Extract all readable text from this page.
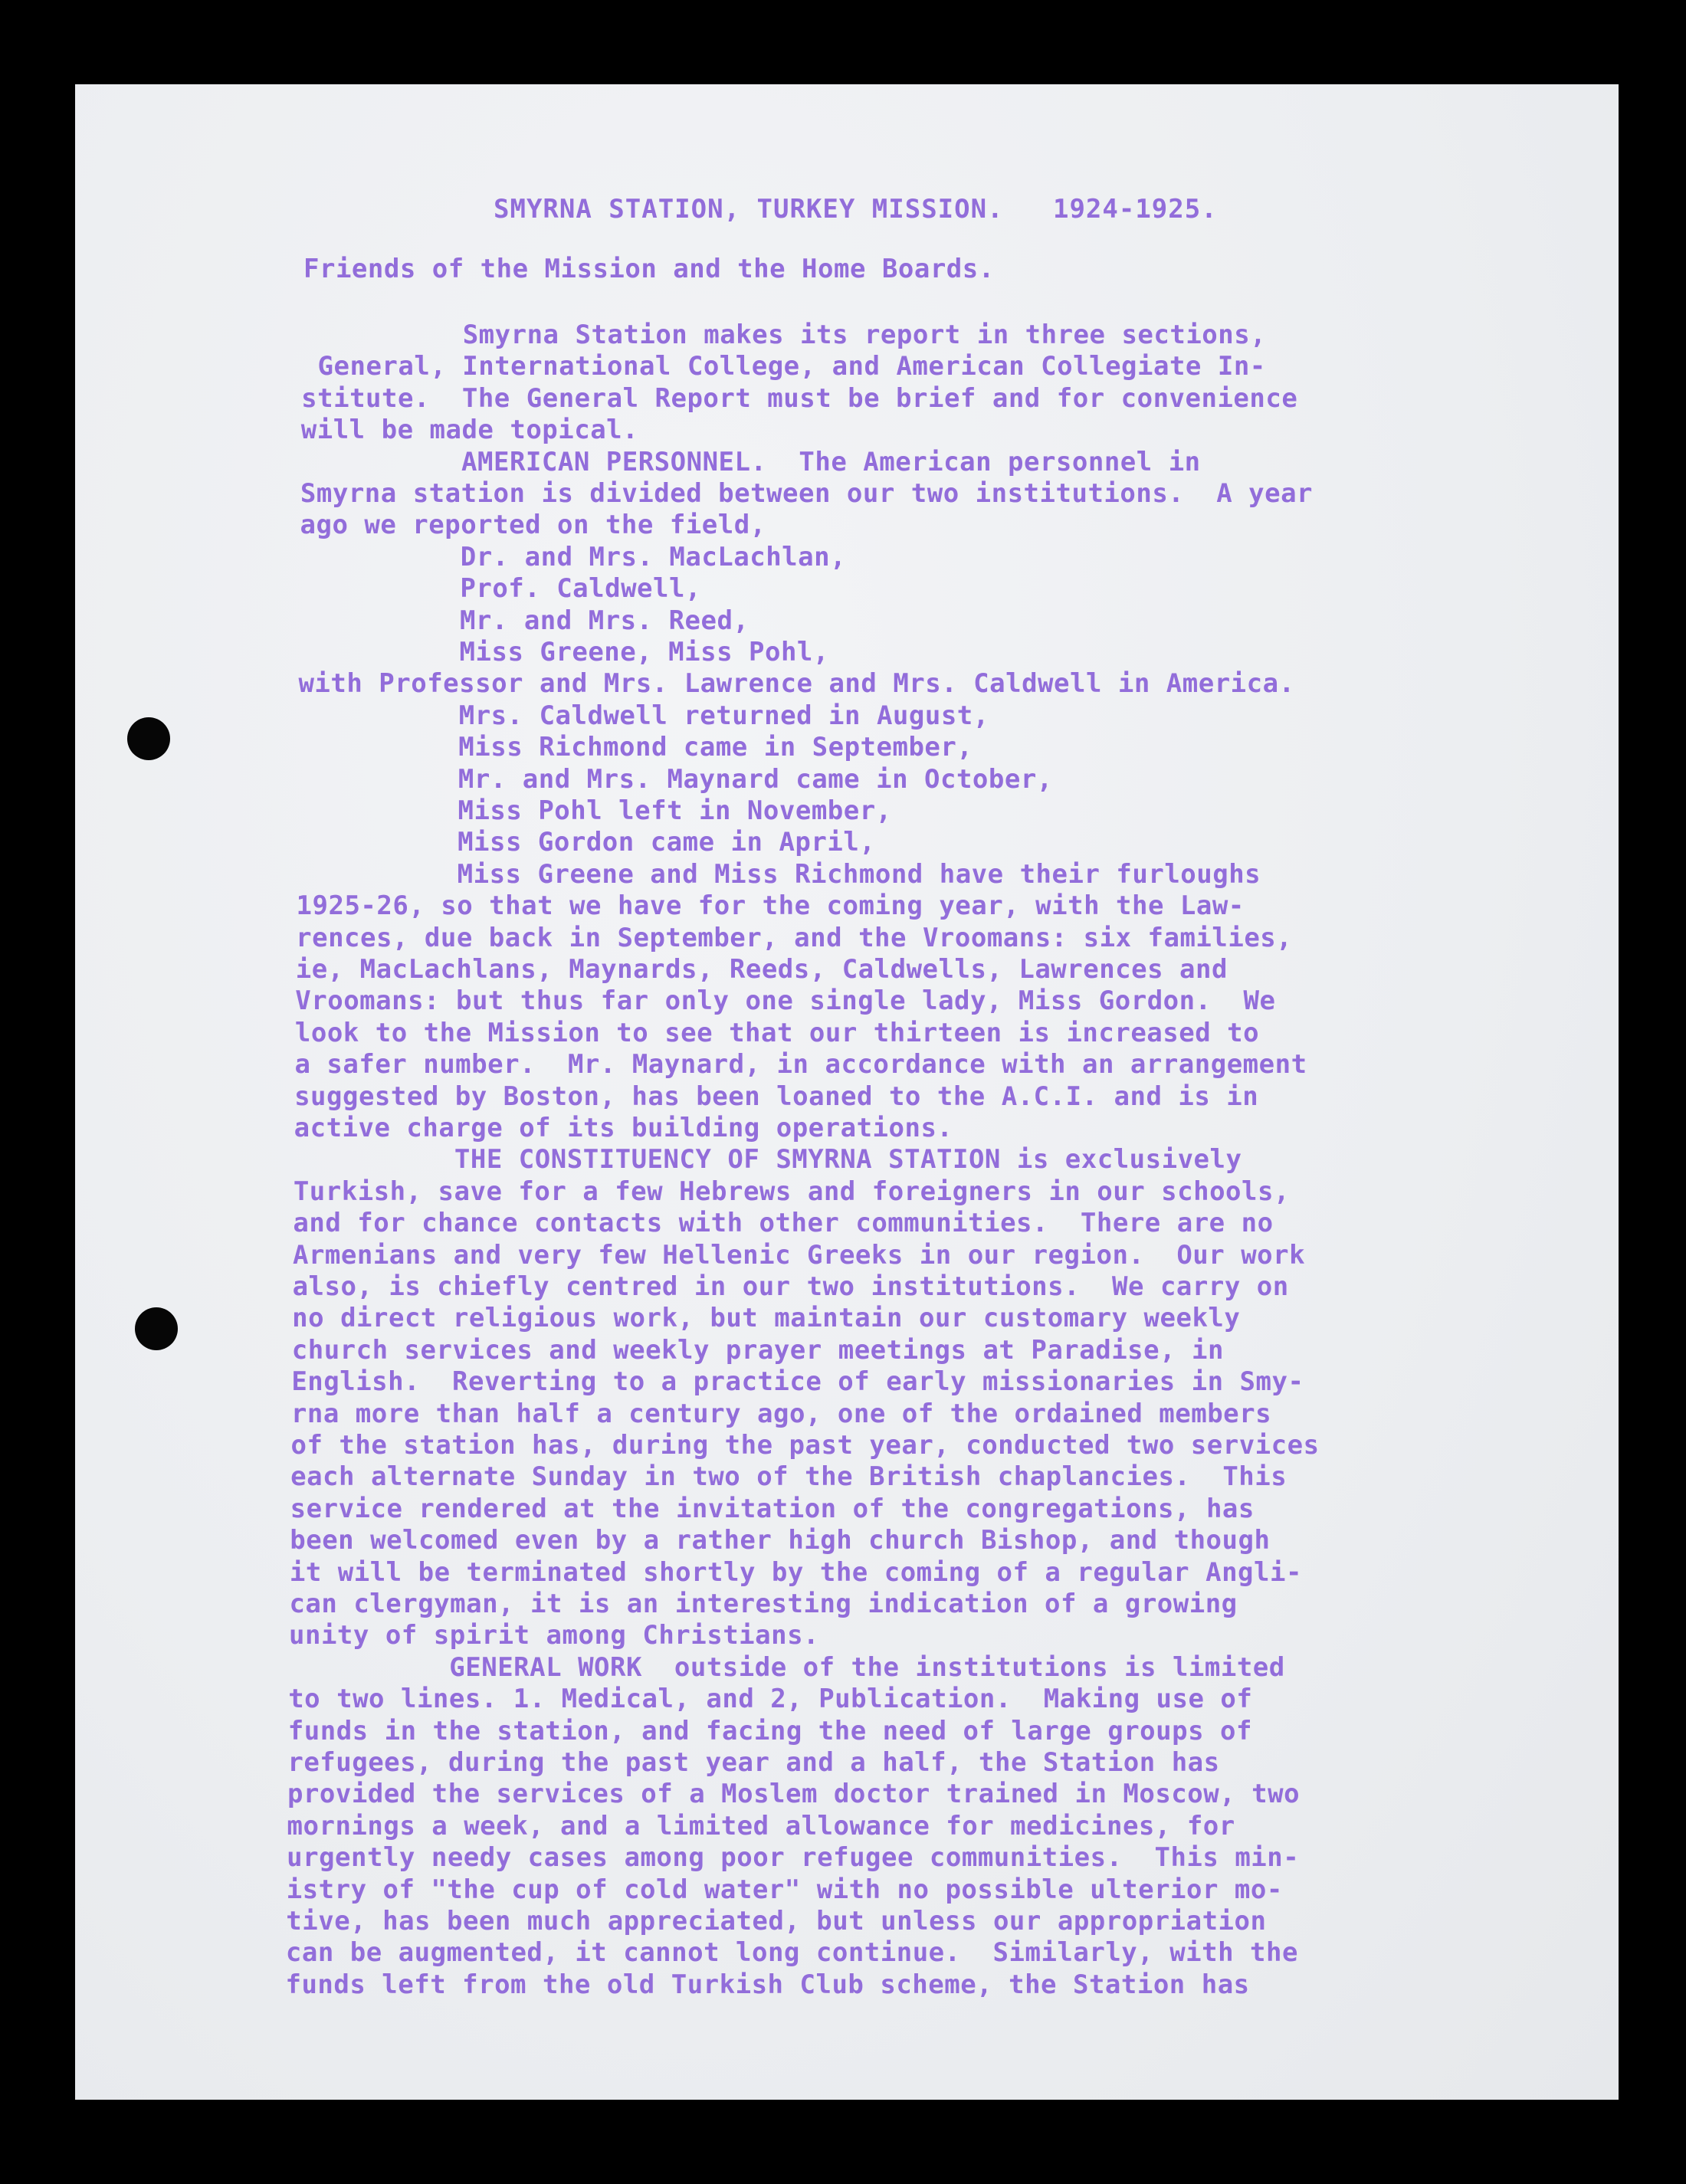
SMYRNA STATION, TURKEY MISSION.   1924-1925.

Friends of the Mission and the Home Boards.

Smyrna Station makes its report in three sections,
General, International College, and American Collegiate In-
stitute.  The General Report must be brief and for convenience
will be made topical.
AMERICAN PERSONNEL.  The American personnel in
Smyrna station is divided between our two institutions.  A year
ago we reported on the field,
Dr. and Mrs. MacLachlan,
Prof. Caldwell,
Mr. and Mrs. Reed,
Miss Greene, Miss Pohl,
with Professor and Mrs. Lawrence and Mrs. Caldwell in America.
Mrs. Caldwell returned in August,
Miss Richmond came in September,
Mr. and Mrs. Maynard came in October,
Miss Pohl left in November,
Miss Gordon came in April,
Miss Greene and Miss Richmond have their furloughs
1925-26, so that we have for the coming year, with the Law-
rences, due back in September, and the Vroomans: six families,
ie, MacLachlans, Maynards, Reeds, Caldwells, Lawrences and
Vroomans: but thus far only one single lady, Miss Gordon.  We
look to the Mission to see that our thirteen is increased to
a safer number.  Mr. Maynard, in accordance with an arrangement
suggested by Boston, has been loaned to the A.C.I. and is in
active charge of its building operations.
THE CONSTITUENCY OF SMYRNA STATION is exclusively
Turkish, save for a few Hebrews and foreigners in our schools,
and for chance contacts with other communities.  There are no
Armenians and very few Hellenic Greeks in our region.  Our work
also, is chiefly centred in our two institutions.  We carry on
no direct religious work, but maintain our customary weekly
church services and weekly prayer meetings at Paradise, in
English.  Reverting to a practice of early missionaries in Smy-
rna more than half a century ago, one of the ordained members
of the station has, during the past year, conducted two services
each alternate Sunday in two of the British chaplancies.  This
service rendered at the invitation of the congregations, has
been welcomed even by a rather high church Bishop, and though
it will be terminated shortly by the coming of a regular Angli-
can clergyman, it is an interesting indication of a growing
unity of spirit among Christians.
GENERAL WORK  outside of the institutions is limited
to two lines. 1. Medical, and 2, Publication.  Making use of
funds in the station, and facing the need of large groups of
refugees, during the past year and a half, the Station has
provided the services of a Moslem doctor trained in Moscow, two
mornings a week, and a limited allowance for medicines, for
urgently needy cases among poor refugee communities.  This min-
istry of "the cup of cold water" with no possible ulterior mo-
tive, has been much appreciated, but unless our appropriation
can be augmented, it cannot long continue.  Similarly, with the
funds left from the old Turkish Club scheme, the Station has
